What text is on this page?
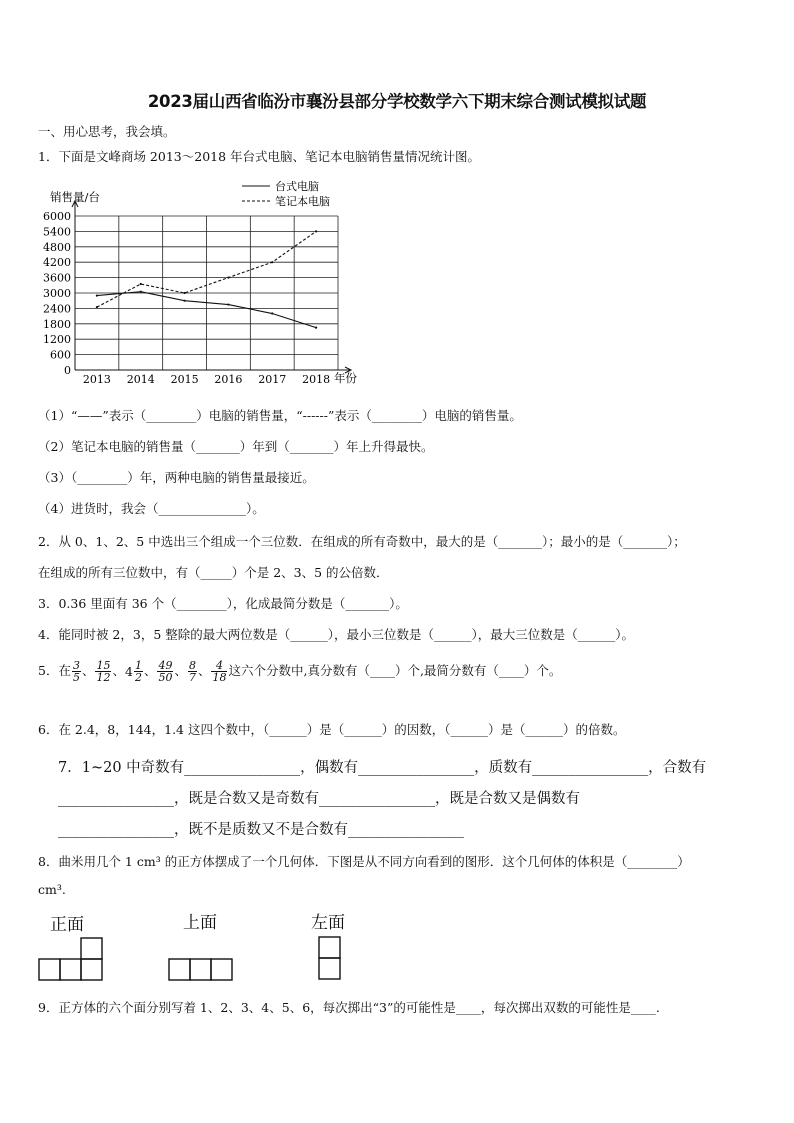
2023届山西省临汾市襄汾县部分学校数学六下期末综合测试模拟试题
一、用心思考，我会填。
1．下面是文峰商场 2013～2018 年台式电脑、笔记本电脑销售量情况统计图。
销售量/台
6000
5400
4800
4200
3600
3000
2400
1800
1200
600
0
2013 2014 2015 2016 2017 2018 年份
台式电脑
笔记本电脑
（1）“——”表示（________）电脑的销售量，“------”表示（________）电脑的销售量。
（2）笔记本电脑的销售量（_______）年到（_______）年上升得最快。
（3）（________）年，两种电脑的销售量最接近。
（4）进货时，我会（______________）。
2．从 0、1、2、5 中选出三个组成一个三位数．在组成的所有奇数中，最大的是（_______）；最小的是（_______）；
在组成的所有三位数中，有（_____）个是 2、3、5 的公倍数．
3．0.36 里面有 36 个（________），化成最简分数是（_______）。
4．能同时被 2，3，5 整除的最大两位数是（______），最小三位数是（______），最大三位数是（______）。
5．在 $\frac{3}{5}$ 、 $\frac{15}{12}$ 、$4 \frac{1}{2}$ 、 $\frac{49}{50}$ 、 $\frac{8}{7}$ 、 $\frac{4}{18}$ 这六个分数中,真分数有（____）个,最简分数有（____）个。
6．在 2.4，8，144，1.4 这四个数中，（______）是（______）的因数，（______）是（______）的倍数。
7．1~20 中奇数有________________，偶数有________________，质数有________________，合数有
________________，既是合数又是奇数有________________，既是合数又是偶数有
________________，既不是质数又不是合数有________________
8．曲米用几个 1 cm³ 的正方体摆成了一个几何体．下图是从不同方向看到的图形．这个几何体的体积是（________）
cm³.
正面	上面	左面
9．正方体的六个面分别写着 1、2、3、4、5、6，每次掷出“3”的可能性是____，每次掷出双数的可能性是____.
